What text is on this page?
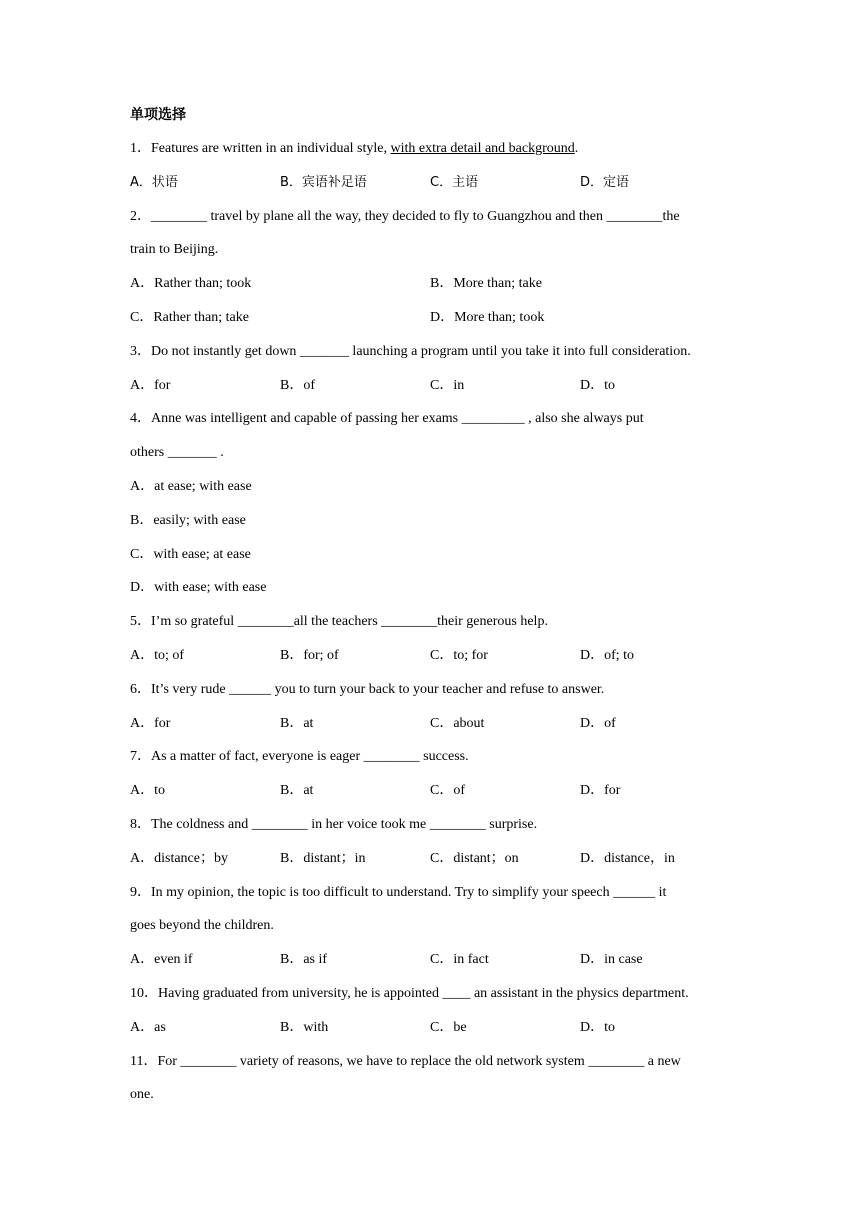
单项选择
1．Features are written in an individual style, with extra detail and background.
A．状语	B．宾语补足语	C．主语	D．定语
2．________ travel by plane all the way, they decided to fly to Guangzhou and then ________the
train to Beijing.
A．Rather than; took	B．More than; take
C．Rather than; take	D．More than; took
3．Do not instantly get down _______ launching a program until you take it into full consideration.
A．for	B．of	C．in	D．to
4．Anne was intelligent and capable of passing her exams _________ , also she always put
others _______ .
A．at ease; with ease
B．easily; with ease
C．with ease; at ease
D．with ease; with ease
5．I’m so grateful ________all the teachers ________their generous help.
A．to; of	B．for; of	C．to; for	D．of; to
6．It’s very rude ______ you to turn your back to your teacher and refuse to answer.
A．for	B．at	C．about	D．of
7．As a matter of fact, everyone is eager ________ success.
A．to	B．at	C．of	D．for
8．The coldness and ________ in her voice took me ________ surprise.
A．distance；by	B．distant；in	C．distant；on	D．distance，in
9．In my opinion, the topic is too difficult to understand. Try to simplify your speech ______ it
goes beyond the children.
A．even if	B．as if	C．in fact	D．in case
10．Having graduated from university, he is appointed ____ an assistant in the physics department.
A．as	B．with	C．be	D．to
11．For ________ variety of reasons, we have to replace the old network system ________ a new
one.
